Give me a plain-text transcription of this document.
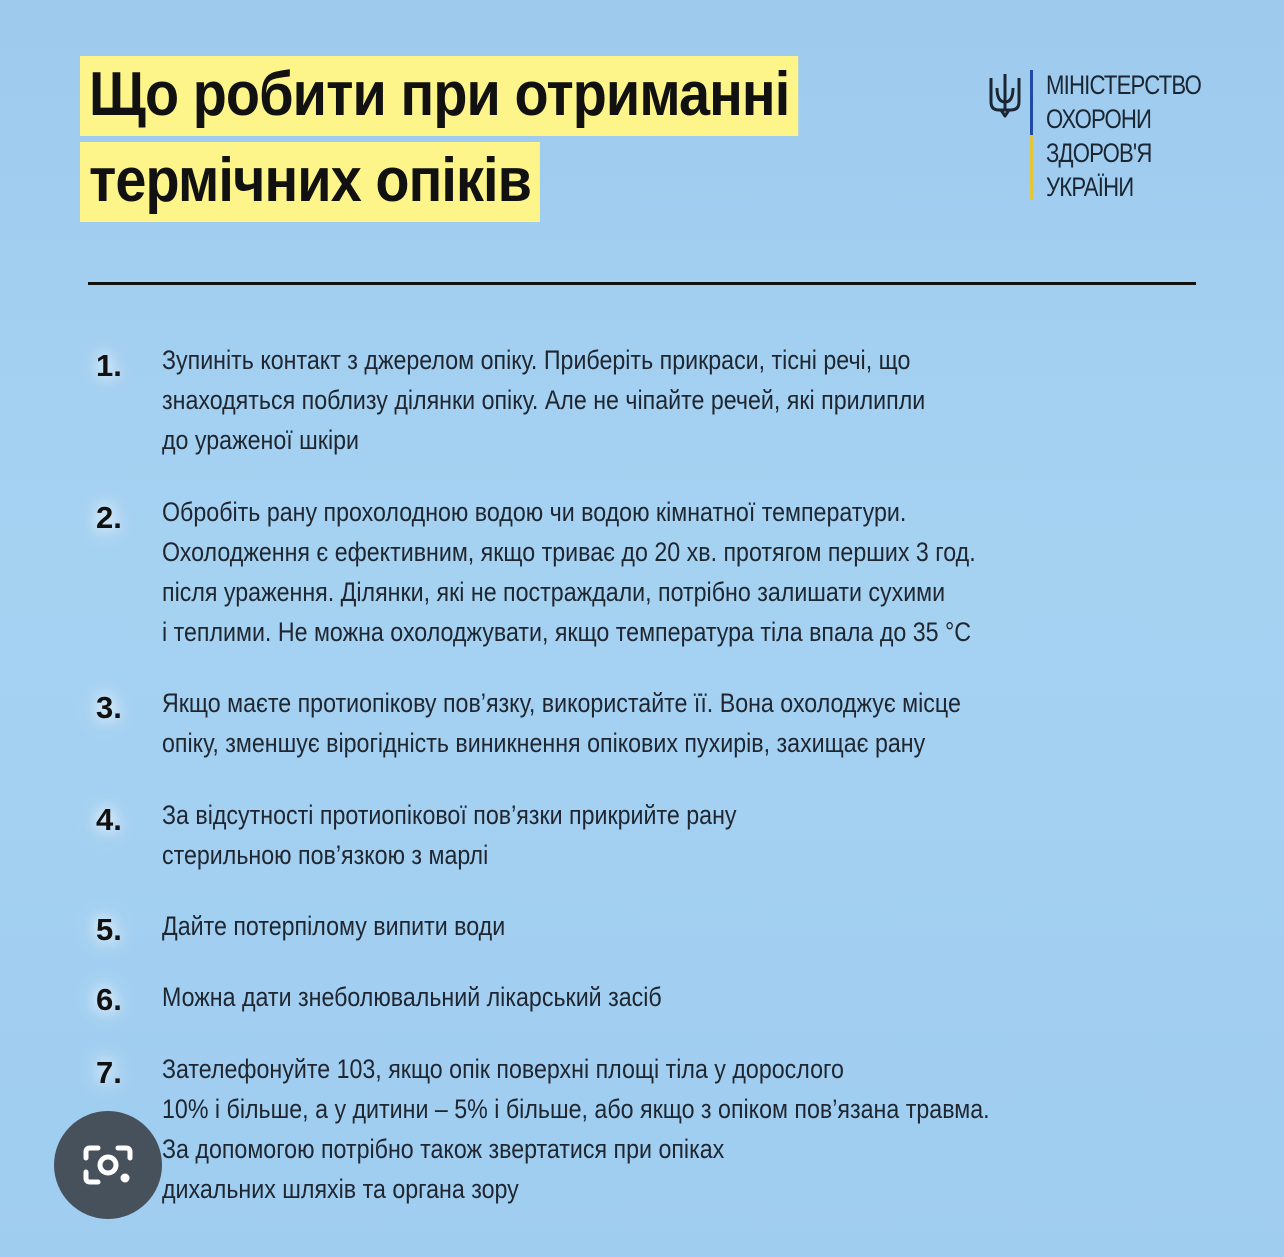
Що робити при отриманні
термічних опіків
МІНІСТЕРСТВО
ОХОРОНИ
ЗДОРОВ'Я
УКРАЇНИ
1.	Зупиніть контакт з джерелом опіку. Приберіть прикраси, тісні речі, що
знаходяться поблизу ділянки опіку. Але не чіпайте речей, які прилипли
до ураженої шкіри
2.	Обробіть рану прохолодною водою чи водою кімнатної температури.
Охолодження є ефективним, якщо триває до 20 хв. протягом перших 3 год.
після ураження. Ділянки, які не постраждали, потрібно залишати сухими
і теплими. Не можна охолоджувати, якщо температура тіла впала до 35 °С
3.	Якщо маєте протиопікову пов’язку, використайте її. Вона охолоджує місце
опіку, зменшує вірогідність виникнення опікових пухирів, захищає рану
4.	За відсутності протиопікової пов’язки прикрийте рану
стерильною пов’язкою з марлі
5.	Дайте потерпілому випити води
6.	Можна дати знеболювальний лікарський засіб
7.	Зателефонуйте 103, якщо опік поверхні площі тіла у дорослого
10% і більше, а у дитини – 5% і більше, або якщо з опіком пов’язана травма.
За допомогою потрібно також звертатися при опіках
дихальних шляхів та органа зору
